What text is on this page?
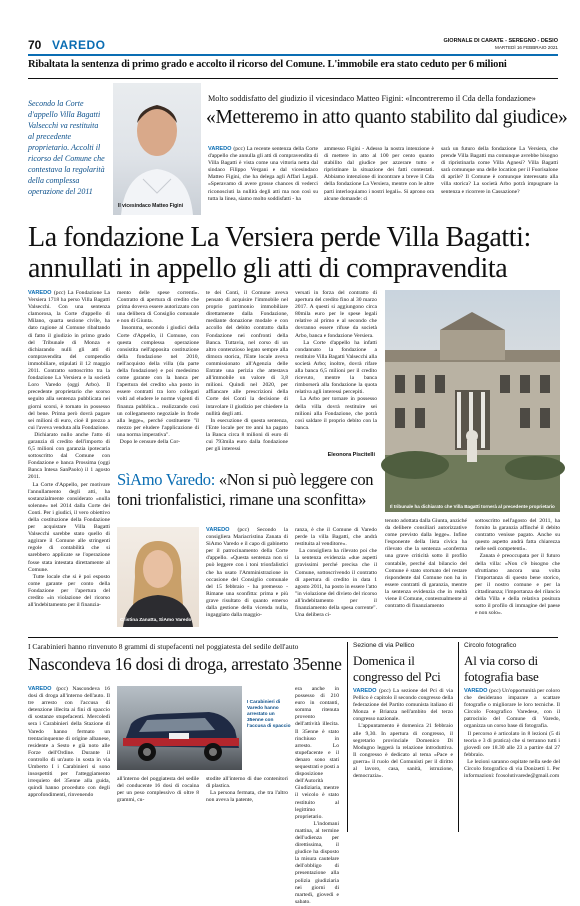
70 VAREDO	GIORNALE DI CARATE - SEREGNO - DESIO
MARTEDÌ 16 FEBBRAIO 2021
Ribaltata la sentenza di primo grado e accolto il ricorso del Comune. L'immobile era stato ceduto per 6 milioni
Secondo la Corte d'appello Villa Bagatti Valsecchi va restituita al precedente proprietario. Accolti il ricorso del Comune che contestava la regolarità della complessa operazione del 2011
Il vicesindaco Matteo Figini
Molto soddisfatto del giudizio il vicesindaco Matteo Figini: «Incontreremo il Cda della fondazione»
«Metteremo in atto quanto stabilito dal giudice»
VAREDO (pcc) La recente sentenza della Corte d'appello che annulla gli atti di compravendita di Villa Bagatti è vista come una vittoria netta dal sindaco Filippo Vergani e dal vicesindaco Matteo Figini, che ha delega agli Affari Legali. «Speravamo di avere grosse chances di vederci riconosciuti la nullità degli atti ma non così su tutta la linea, siamo molto soddisfatti - ha
ammesso Figini - Adesso la nostra intenzione è di mettere in atto al 100 per cento quanto stabilito dal giudice per azzerare tutto e ripristinare la situazione dei fatti contestati. Abbiamo intenzione di incontrare a breve il Cda della fondazione La Versiera, mentre con le altre parti interloquiamo i nostri legali». Si aprono ora alcune domande: ci
sarà un futuro della fondazione La Versiera, che prende Villa Bagatti ma comunque avrebbe bisogno di ripristinarla come Villa Agnesi? Villa Bagatti sarà comunque una delle location per il Fuorisalone di aprile? Il Comune è comunque interessato alla villa storica? La società Arbo potrà impugnare la sentenza e ricorrere in Cassazione?
La fondazione La Versiera perde Villa Bagatti: annullati in appello gli atti di compravendita
VAREDO (pcc) La Fondazione La Versiera 1718 ha perso Villa Bagatti Valsecchi. Con una sentenza clamorosa, la Corte d'appello di Milano, quarta sezione civile, ha dato ragione al Comune ribaltando di fatto il giudizio in primo grado del Tribunale di Monza e dichiarando nulli gli atti di compravendita del compendio immobiliare, stipulati il 12 maggio 2011. Contratto sottoscritto tra la fondazione La Versiera e la società Loro Varedo (oggi Arbo). Il precedente proprietario che scorso seguito alla sentenza pubblicata nei giorni scorsi, è tornato in possesso del bene. Prima però dovrà pagare sei milioni di euro, cioè il prezzo a cui l'aveva venduta alla Fondazione.
Dichiarato nullo anche l'atto di garanzia di credito dell'importo di 6,5 milioni con garanzia ipotecaria sottoscritto dal Comune con Fondazione e banca Prossima (oggi Banca Intesa SanPaolo) il 1 agosto 2011.
La Corte d'Appello, per motivare l'annullamento degli atti, ha sostanzialmente considerato «nulla solenne» nel 2014 dalla Corte dei Conti. Per i giudici, il vero obiettivo della costituzione della Fondazione per acquistare Villa Bagatti Valsecchi sarebbe stato quello di aggirare il Comune alle stringenti regole di contabilità che si sarebbero applicate se l'operazione fosse stata intestata direttamente al Comune.
Tutte locale che si è poi esposto come garante per conto della Fondazione per l'apertura del credito «in violazione del ricorso all'indebitamento per il finanzia-
mento delle spese correnti». Contratto di apertura di credito che prima doveva essere autorizzato con una delibera di Consiglio comunale e non di Giunta.
Insomma, secondo i giudici della Corte d'Appello, il Comune, con questa complessa operazione consistita nell'apposita costituzione della fondazione nel 2010, nell'acquisto della villa (da parte della fondazione) e poi medesimo come garante con la banca per l'apertura del credito «ha posto in essere contratti tra loro collegati volti ad eludere le norme vigenti di finanza pubblica... realizzando così un collegamento negoziale in frode alla legge», perché costituente "il mezzo per eludere l'applicazione di una norma imperativa".
Dopo le censure della Cor-
te dei Conti, il Comune aveva pensato di acquisire l'immobile nel proprio patrimonio immobiliare direttamente dalla Fondazione, mediante donazione modale e con accollo del debito contratto dalla Fondazione nei confronti della Banca. Tuttavia, nel corso di un altro contenzioso legato sempre alla dimora storica, l'Ente locale aveva commissionato all'Agenzia delle Entrate una perizia che attestava all'immobile un valore di 3,8 milioni. Quindi nel 2020, per affiancare alle prescrizioni della Corte dei Conti la decisione di intavolare il giudizio per chiedere la nullità degli atti.
In esecuzione di questa sentenza, l'Ente locale per tre anni ha pagato la Banca circa 8 milioni di euro di cui 793mila euro dalla fondazione per gli interessi
versati in forza del contratto di apertura del credito fino al 30 marzo 2017. A questi si aggiungono circa 80mila euro per le spese legali relative al primo e al secondo che dovranno essere rifuse da società Arbo, banca e fondazione Versiera.
La Corte d'appello ha infatti condannato la fondazione a restituire Villa Bagatti Valsecchi alla società Arbo; inoltre, dovrà rifare alla banca 6,5 milioni per il credito ricevuto, mentre la banca rimborserà alla fondazione la quota relativa agli interessi percepiti.
La Arbo per tornare in possesso della villa dovrà restituire sei milioni alla Fondazione, che potrà così saldare il proprio debito con la banca.
Eleonora Piscitelli
Il tribunale ha dichiarato che Villa Bagatti tornerà al precedente proprietario
SìAmo Varedo: «Non si può leggere con toni trionfalistici, rimane una sconfitta»
Cristina Zanatta, SìAmo Varedo
VAREDO (pcc) Secondo la consigliera Mariacristina Zanata di SiAmo Varedo e il capo di gabinetto per il patrocinamento della Corte d'appello. «Questa sentenza non si può leggere con i toni trionfalistici che ha usato l'Amministrazione in occasione del Consiglio comunale del 15 febbraio - ha premesso - Rimane una sconfitta: prima e più grave risultato di quanto emerso dalla gestione della vicenda nulla, ingaggiato dalla maggio-
ranza, è che il Comune di Varedo perde la villa Bagatti, che andrà restituita al venditore».
La consigliera ha rilevato poi che la sentenza evidenzia «due aspetti gravissimi perché precisa che il Comune, sottoscrivendo il contratto di apertura di credito in data 1 agosto 2011, ha posto in essere l'atto "in violazione del divieto del ricorso all'indebitamento per il finanziamento della spesa corrente". Una delibera ci-
tenuto adottata dalla Giunta, anziché da delibere consiliari autorizzative come previsto dalla legge». Infine l'esponente della lista civica ha rilevato che la sentenza «conferma una grave criticità sotto il profilo contabile, perché dal bilancio del Comune è stato stornato del restare rispondente dal Comune non ha in essere contratti di garanzia, mentre la sentenza evidenzia che in realtà viene il Comune, contestualmente al contratto di finanziamento
sottoscritto nell'agosto del 2011, ha fornito la garanzia affinché il debito contratto venisse pagato. Anche su questo aspetto andrà fatta chiarezza nelle sedi competenti».
Zanata è preoccupata per il futuro della villa: «Non c'è bisogno che sfruttiamo ancora una volta l'importanza di questo bene storico, per il nostro comune e per la cittadinanza; l'importanza del rilancio della Villa e della relativa positura sotto il profilo di immagine del paese e non solo».
I Carabinieri hanno rinvenuto 8 grammi di stupefacenti nel poggiatesta del sedile dell'auto
Nascondeva 16 dosi di droga, arrestato 35enne
VAREDO (pcc) Nascondeva 16 dosi di droga all'interno dell'auto. Il tre arresto con l'accusa di detenzione illecita ai fini di spaccio di sostanze stupefacenti. Mercoledì sera i Carabinieri della Stazione di Varedo hanno fermato un trentacinquenne di origine albanese, residente a Sesto e già noto alle Forze dell'Ordine. Durante il controllo di un'auto in sosta in via Umberto I i Carabinieri si sono insospettiti per l'atteggiamento irrequieto del 35enne alla guida, quindi hanno proceduto con degli approfondimenti, rinvenendo
I Carabinieri di Varedo hanno arrestato un 35enne con l'accusa di spaccio
all'interno del poggiatesta del sedile del conducente 16 dosi di cocaina per un peso complessivo di oltre 8 grammi, cu-
stodite all'interno di due contenitori di plastica.
La persona fermata, che tra l'altro non aveva la patente,
era anche in possesso di 210 euro in contanti, somma ritenuta provento dell'attività illecita. Il 35enne è stato rinchiuso in arresto. Lo stupefacente e il denaro sono stati sequestrati e posti a disposizione dell'Autorità Giudiziaria, mentre il veicolo è stato restituito al legittimo proprietario.
L'indomani mattina, al termine dell'udienza per direttissima, il giudice ha disposto la misura cautelare dell'obbligo di presentazione alla polizia giudiziaria nei giorni di martedì, giovedì e sabato.
Sezione di via Pellico
Domenica il congresso del Pci
VAREDO (pcc) La sezione del Pci di via Pellico è capitolo il secondo congresso della federazione del Partito comunista italiano di Monza e Brianza nell'ambito del terzo congresso nazionale.
L'appuntamento è domenica 21 febbraio alle 9,30. In apertura di congresso, il segretario provinciale Domenico Di Modugno leggerà la relazione introduttiva. Il congresso è dedicato al tema «Pace e guerra» il ruolo del Comunisti per il diritto al lavoro, casa, sanità, istruzione, democrazia».
Circolo fotografico
Al via corso di fotografia base
VAREDO (pcc) Un'opportunità per coloro che desiderano imparare a scattare fotografie o migliorare le loro tecniche. Il Circolo Fotografico Varedese, con il patrocinio del Comune di Varedo, organizza un corso base di fotografia.
Il percorso è articolato in 8 lezioni (5 di teoria e 3 di pratica) che si terranno tutti i giovedì ore 18.30 alle 23 a partire dal 27 febbraio.
Le lezioni saranno ospitate nella sede del Circolo fotografico di via Donizetti 1. Per informazioni: fcosolutivarede@gmail.com
